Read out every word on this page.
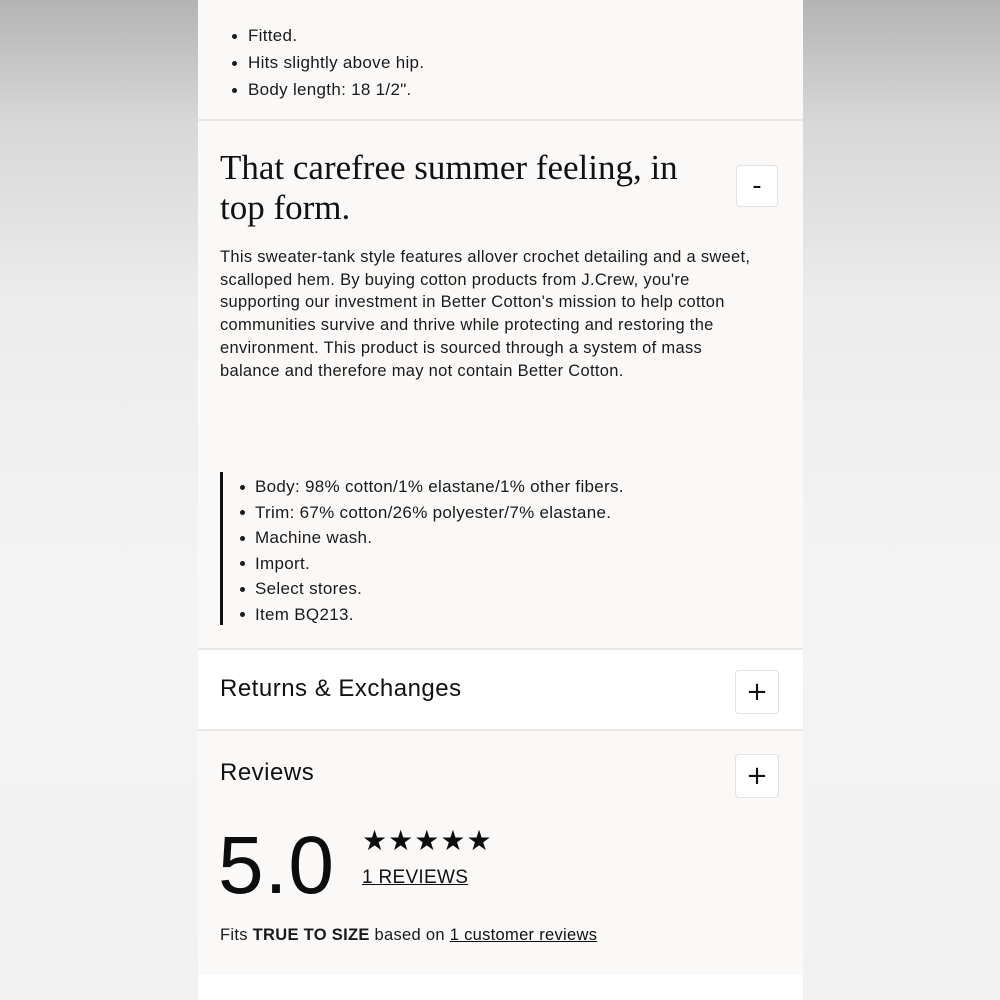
Fitted.
Hits slightly above hip.
Body length: 18 1/2".
That carefree summer feeling, in top form.
-

This sweater-tank style features allover crochet detailing and a sweet, scalloped hem. By buying cotton products from J.Crew, you're supporting our investment in Better Cotton's mission to help cotton communities survive and thrive while protecting and restoring the environment. This product is sourced through a system of mass balance and therefore may not contain Better Cotton.

Body: 98% cotton/1% elastane/1% other fibers.
Trim: 67% cotton/26% polyester/7% elastane.
Machine wash.
Import.
Select stores.
Item BQ213.
Returns & Exchanges	+
Reviews	+
5.0 ★ ★ ★ ★ ★
1 REVIEWS
Fits TRUE TO SIZE based on 1 customer reviews
